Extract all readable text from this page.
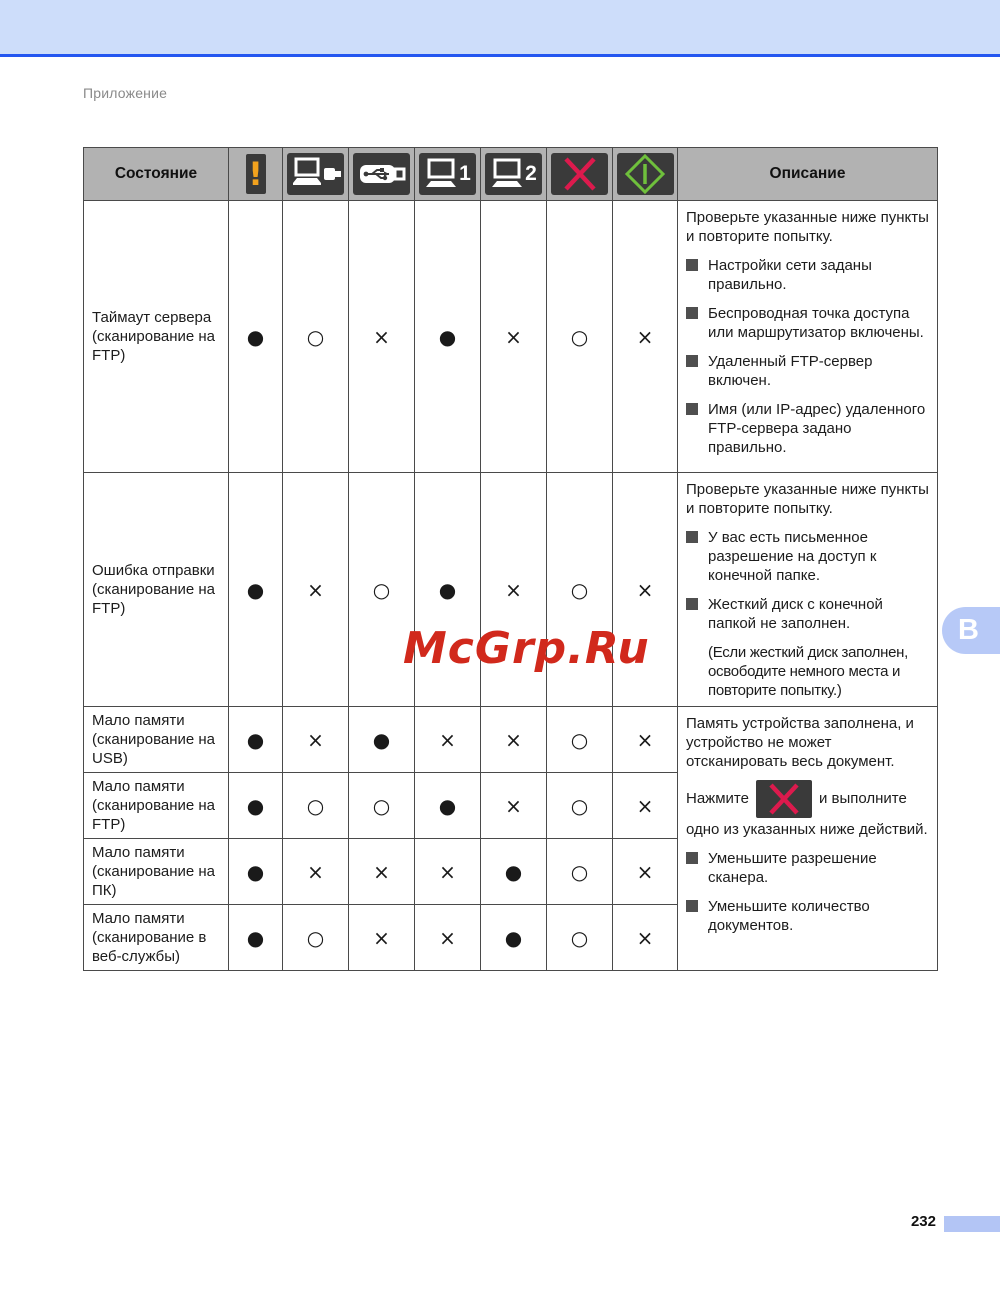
Приложение
Состояние	!			1	2			Описание
Таймаут сервера (сканирование на FTP)	●	○	×	●	×	○	×	

Проверьте указанные ниже пункты и повторите попытку.

Настройки сети заданы правильно.
Беспроводная точка доступа или маршрутизатор включены.
Удаленный FTP-сервер включен.
Имя (или IP-адрес) удаленного FTP-сервера задано правильно.

Ошибка отправки (сканирование на FTP)	●	×	○	●	×	○	×	

Проверьте указанные ниже пункты и повторите попытку.

У вас есть письменное разрешение на доступ к конечной папке.
Жесткий диск с конечной папкой не заполнен.
(Если жесткий диск заполнен, освободите немного места и повторите попытку.)

Мало памяти (сканирование на USB)	●	×	●	×	×	○	×	

Память устройства заполнена, и устройство не может отсканировать весь документ.

Нажмите	и выполните одно из указанных ниже действий.

Уменьшите разрешение сканера.
Уменьшите количество документов.

Мало памяти (сканирование на FTP)	●	○	○	●	×	○	×	
Мало памяти (сканирование на ПК)	●	×	×	×	●	○	×	
Мало памяти (сканирование в веб-службы)	●	○	×	×	●	○	×	
McGrp.Ru	B
232
